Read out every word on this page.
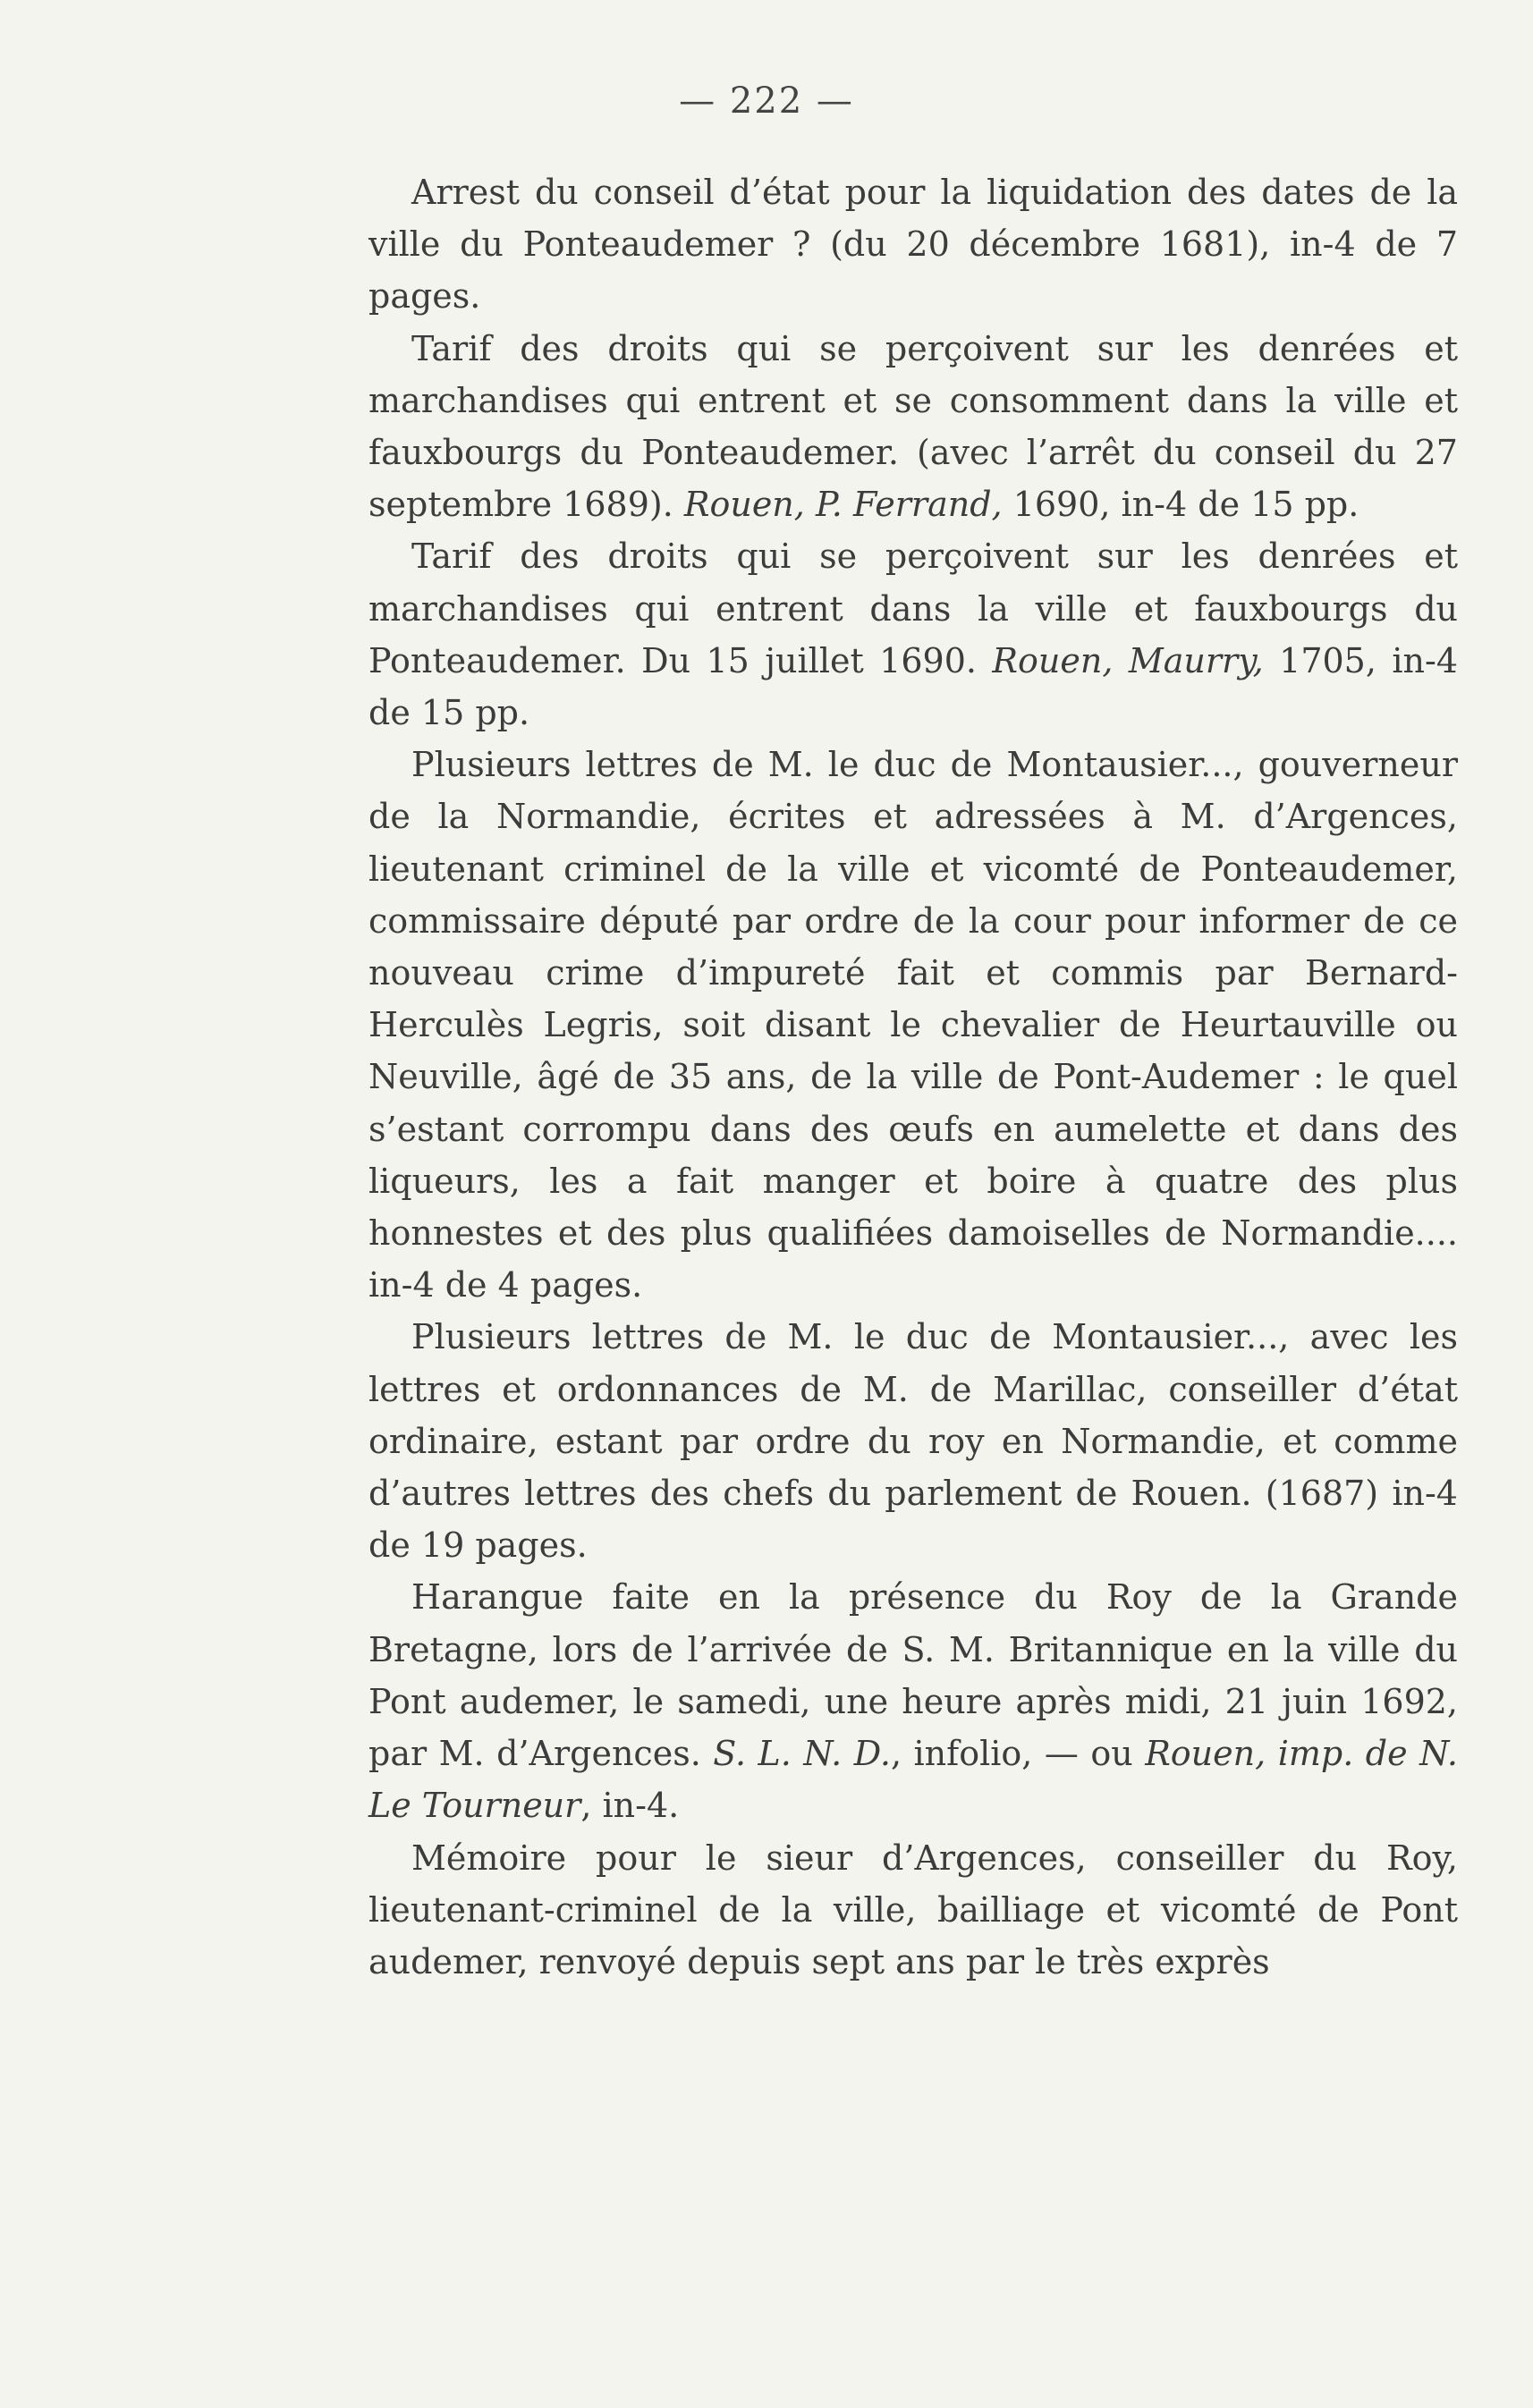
— 222 —

Arrest du conseil d’état pour la liquidation des dates de la ville du Ponteaudemer ? (du 20 décembre 1681), in-4 de 7 pages.

Tarif des droits qui se perçoivent sur les denrées et marchandises qui entrent et se consomment dans la ville et fauxbourgs du Ponteaudemer. (avec l’arrêt du conseil du 27 septembre 1689). Rouen, P. Ferrand, 1690, in-4 de 15 pp.

Tarif des droits qui se perçoivent sur les denrées et marchandises qui entrent dans la ville et fauxbourgs du Ponteaudemer. Du 15 juillet 1690. Rouen, Maurry, 1705, in-4 de 15 pp.

Plusieurs lettres de M. le duc de Montausier..., gouverneur de la Normandie, écrites et adressées à M. d’Argences, lieutenant criminel de la ville et vicomté de Ponteaudemer, commissaire député par ordre de la cour pour informer de ce nouveau crime d’impureté fait et commis par Bernard-Herculès Legris, soit disant le chevalier de Heurtauville ou Neuville, âgé de 35 ans, de la ville de Pont-Audemer : le quel s’estant corrompu dans des œufs en aumelette et dans des liqueurs, les a fait manger et boire à quatre des plus honnestes et des plus qualifiées damoiselles de Normandie.... in-4 de 4 pages.

Plusieurs lettres de M. le duc de Montausier..., avec les lettres et ordonnances de M. de Marillac, conseiller d’état ordinaire, estant par ordre du roy en Normandie, et comme d’autres lettres des chefs du parlement de Rouen. (1687) in-4 de 19 pages.

Harangue faite en la présence du Roy de la Grande Bretagne, lors de l’arrivée de S. M. Britannique en la ville du Pont audemer, le samedi, une heure après midi, 21 juin 1692, par M. d’Argences. S. L. N. D., infolio, — ou Rouen, imp. de N. Le Tourneur, in-4.

Mémoire pour le sieur d’Argences, conseiller du Roy, lieutenant-criminel de la ville, bailliage et vicomté de Pont audemer, renvoyé depuis sept ans par le très exprès
